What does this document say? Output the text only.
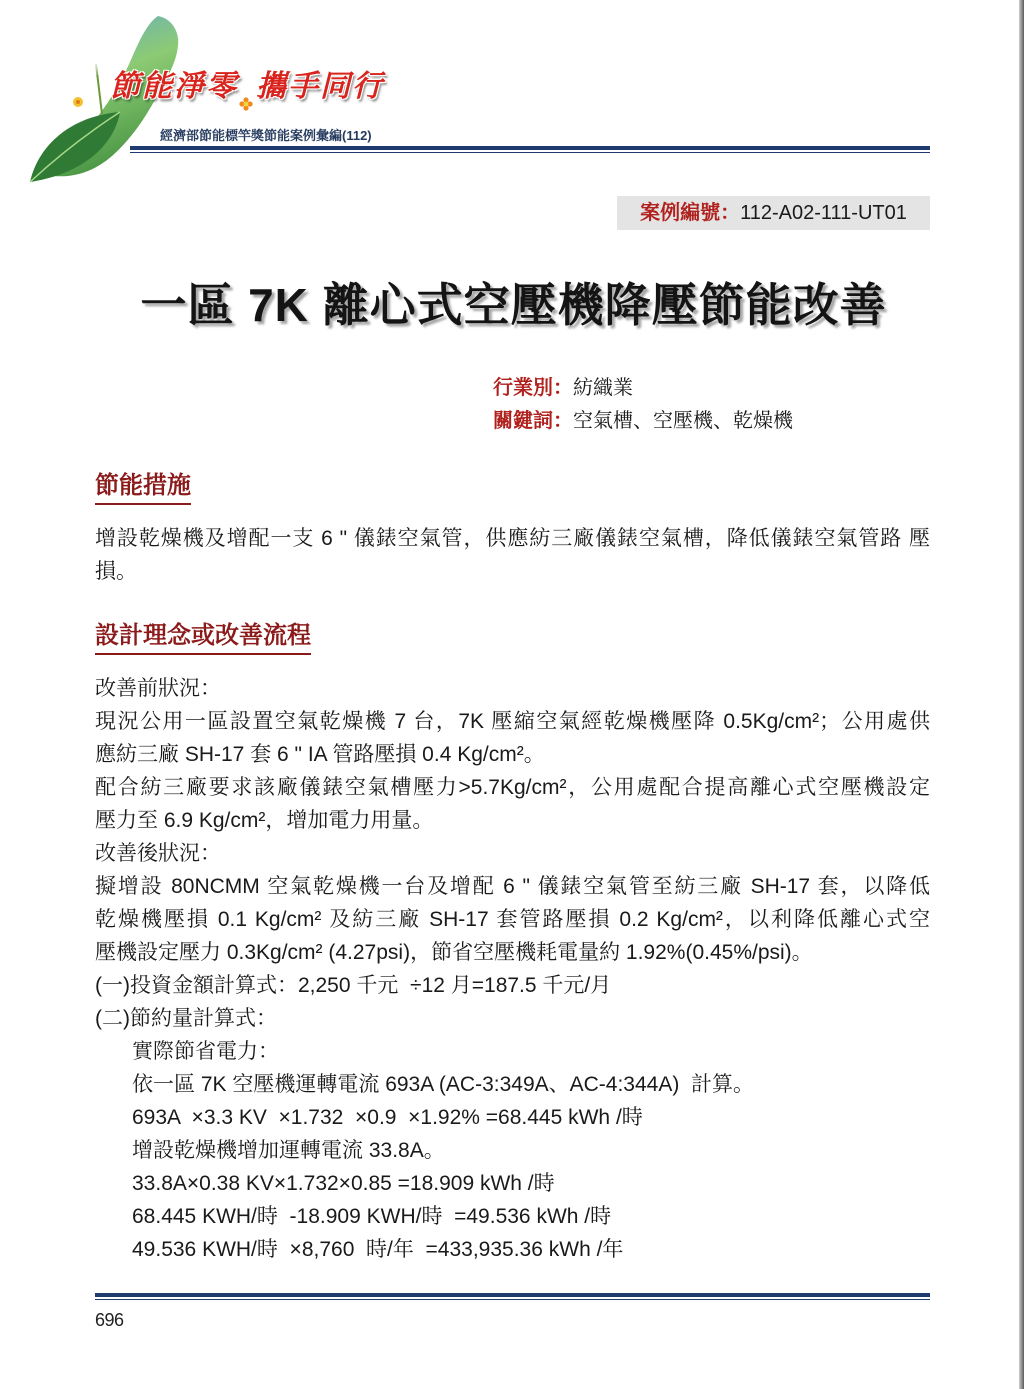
節能淨零 攜手同行
經濟部節能標竿獎節能案例彙編(112)
案例編號：112-A02-111-UT01
一區 7K 離心式空壓機降壓節能改善
行業別：紡織業
關鍵詞：空氣槽、空壓機、乾燥機
節能措施
增設乾燥機及增配一支 6 " 儀錶空氣管，供應紡三廠儀錶空氣槽，降低儀錶空氣管路 壓
損。
設計理念或改善流程
改善前狀況：
現況公用一區設置空氣乾燥機 7 台，7K 壓縮空氣經乾燥機壓降 0.5Kg/cm²；公用處供
應紡三廠 SH-17 套 6 " IA 管路壓損 0.4 Kg/cm²。
配合紡三廠要求該廠儀錶空氣槽壓力>5.7Kg/cm²，公用處配合提高離心式空壓機設定
壓力至 6.9 Kg/cm²，增加電力用量。
改善後狀況：
擬增設 80NCMM 空氣乾燥機一台及增配 6 " 儀錶空氣管至紡三廠 SH-17 套，以降低
乾燥機壓損 0.1 Kg/cm² 及紡三廠 SH-17 套管路壓損 0.2 Kg/cm²，以利降低離心式空
壓機設定壓力 0.3Kg/cm² (4.27psi)，節省空壓機耗電量約 1.92%(0.45%/psi)。
(一)投資金額計算式：2,250 千元  ÷12 月=187.5 千元/月
(二)節約量計算式：
實際節省電力：
依一區 7K 空壓機運轉電流 693A (AC-3:349A、AC-4:344A)  計算。
693A  ×3.3 KV  ×1.732  ×0.9  ×1.92% =68.445 kWh /時
增設乾燥機增加運轉電流 33.8A。
33.8A×0.38 KV×1.732×0.85 =18.909 kWh /時
68.445 KWH/時  -18.909 KWH/時  =49.536 kWh /時
49.536 KWH/時  ×8,760  時/年  =433,935.36 kWh /年
696
